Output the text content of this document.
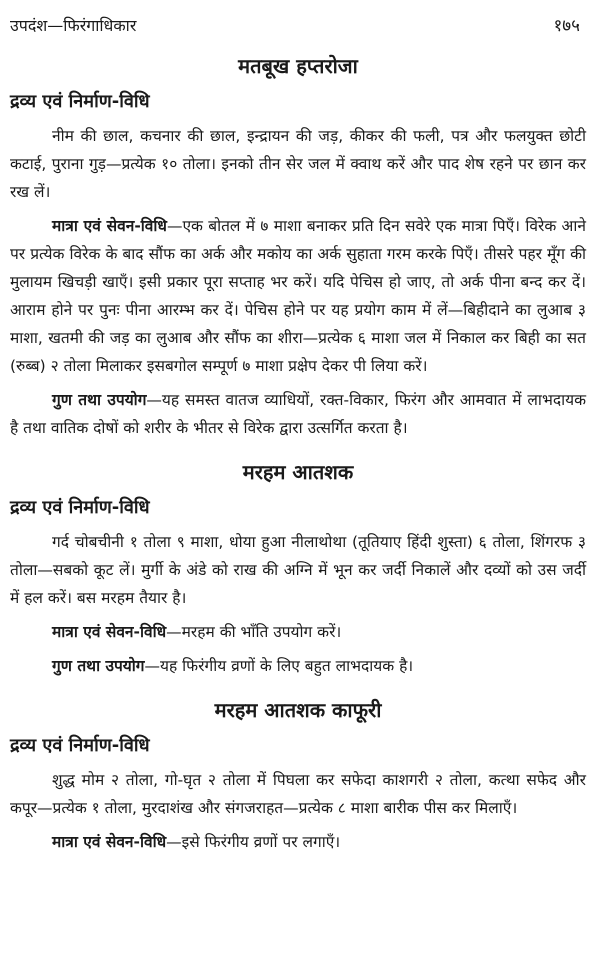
उपदंश—फिरंगाधिकार	१७५
मतबूख हप्तरोजा
द्रव्य एवं निर्माण-विधि

नीम की छाल, कचनार की छाल, इन्द्रायन की जड़, कीकर की फली, पत्र और फलयुक्त छोटी कटाई, पुराना गुड़—प्रत्येक १० तोला। इनको तीन सेर जल में क्वाथ करें और पाद शेष रहने पर छान कर रख लें।

मात्रा एवं सेवन-विधि—एक बोतल में ७ माशा बनाकर प्रति दिन सवेरे एक मात्रा पिएँ। विरेक आने पर प्रत्येक विरेक के बाद सौंफ का अर्क और मकोय का अर्क सुहाता गरम करके पिएँ। तीसरे पहर मूँग की मुलायम खिचड़ी खाएँ। इसी प्रकार पूरा सप्ताह भर करें। यदि पेचिस हो जाए, तो अर्क पीना बन्द कर दें। आराम होने पर पुनः पीना आरम्भ कर दें। पेचिस होने पर यह प्रयोग काम में लें—बिहीदाने का लुआब ३ माशा, खतमी की जड़ का लुआब और सौंफ का शीरा—प्रत्येक ६ माशा जल में निकाल कर बिही का सत (रुब्ब) २ तोला मिलाकर इसबगोल सम्पूर्ण ७ माशा प्रक्षेप देकर पी लिया करें।

गुण तथा उपयोग—यह समस्त वातज व्याधियों, रक्त-विकार, फिरंग और आमवात में लाभदायक है तथा वातिक दोषों को शरीर के भीतर से विरेक द्वारा उत्सर्गित करता है।

मरहम आतशक
द्रव्य एवं निर्माण-विधि

गर्द चोबचीनी १ तोला ९ माशा, धोया हुआ नीलाथोथा (तूतियाए हिंदी शुस्ता) ६ तोला, शिंगरफ ३ तोला—सबको कूट लें। मुर्गी के अंडे को राख की अग्नि में भून कर जर्दी निकालें और दव्यों को उस जर्दी में हल करें। बस मरहम तैयार है।

मात्रा एवं सेवन-विधि—मरहम की भाँति उपयोग करें।

गुण तथा उपयोग—यह फिरंगीय व्रणों के लिए बहुत लाभदायक है।

मरहम आतशक काफूरी
द्रव्य एवं निर्माण-विधि

शुद्ध मोम २ तोला, गो-घृत २ तोला में पिघला कर सफेदा काशगरी २ तोला, कत्था सफेद और कपूर—प्रत्येक १ तोला, मुरदाशंख और संगजराहत—प्रत्येक ८ माशा बारीक पीस कर मिलाएँ।

मात्रा एवं सेवन-विधि—इसे फिरंगीय व्रणों पर लगाएँ।
